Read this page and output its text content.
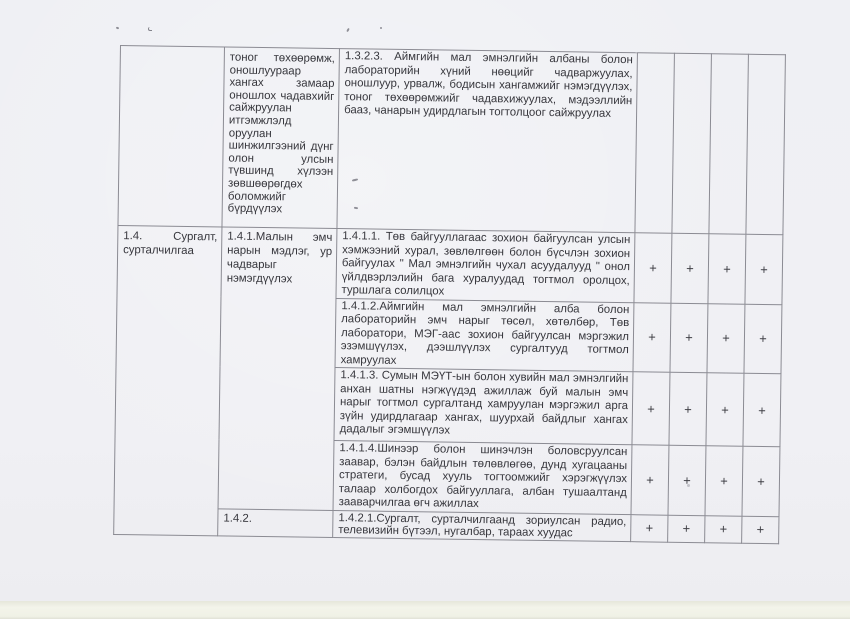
	тоног төхөөрөмж, оношлуураар хангах замаар оношлох чадавхийг сайжруулан итгэмжлэлд оруулан шинжилгээний дүнг олон улсын түвшинд хүлээн зөвшөөрөгдөх боломжийг бүрдүүлэх	1.3.2.3. Аймгийн мал эмнэлгийн албаны болон лабораторийн хүний нөөцийг чадваржуулах, оношлуур, урвалж, бодисын хангамжийг нэмэгдүүлэх, тоног төхөөрөмжийг чадавхижуулах, мэдээллийн бааз, чанарын удирдлагын тогтолцоог сайжруулах				
1.4. Сургалт, сурталчилгаа	1.4.1.Малын эмч нарын мэдлэг, ур чадварыг нэмэгдүүлэх	1.4.1.1. Төв байгууллагаас зохион байгуулсан улсын хэмжээний хурал, зөвлөлгөөн болон бүсчлэн зохион байгуулах " Мал эмнэлгийн чухал асуудалууд " онол үйлдвэрлэлийн бага хуралуудад тогтмол оролцох, туршлага солилцох	+	+	+	+
		1.4.1.2.Аймгийн мал эмнэлгийн алба болон лабораторийн эмч нарыг төсөл, хөтөлбөр, Төв лаборатори, МЭГ-аас зохион байгуулсан мэргэжил эзэмшүүлэх, дээшлүүлэх сургалтууд тогтмол хамруулах	+	+	+	+
		1.4.1.3. Сумын МЭҮТ-ын болон хувийн мал эмнэлгийн анхан шатны нэгжүүдэд ажиллаж буй малын эмч нарыг тогтмол сургалтанд хамруулан мэргэжил арга зүйн удирдлагаар хангах, шуурхай байдлыг хангах дадалыг эгэмшүүлэх	+	+	+	+
		1.4.1.4.Шинээр болон шинэчлэн боловсруулсан заавар, бэлэн байдлын төлөвлөгөө, дунд хугацааны стратеги, бусад хууль тогтоомжийг хэрэгжүүлэх талаар холбогдох байгууллага, албан тушаалтанд зааварчилгаа өгч ажиллах	+	+	+	+
	1.4.2.	1.4.2.1.Сургалт, сурталчилгаанд зориулсан радио, телевизийн бүтээл, нугалбар, тараах хуудас	+	+	+	+
